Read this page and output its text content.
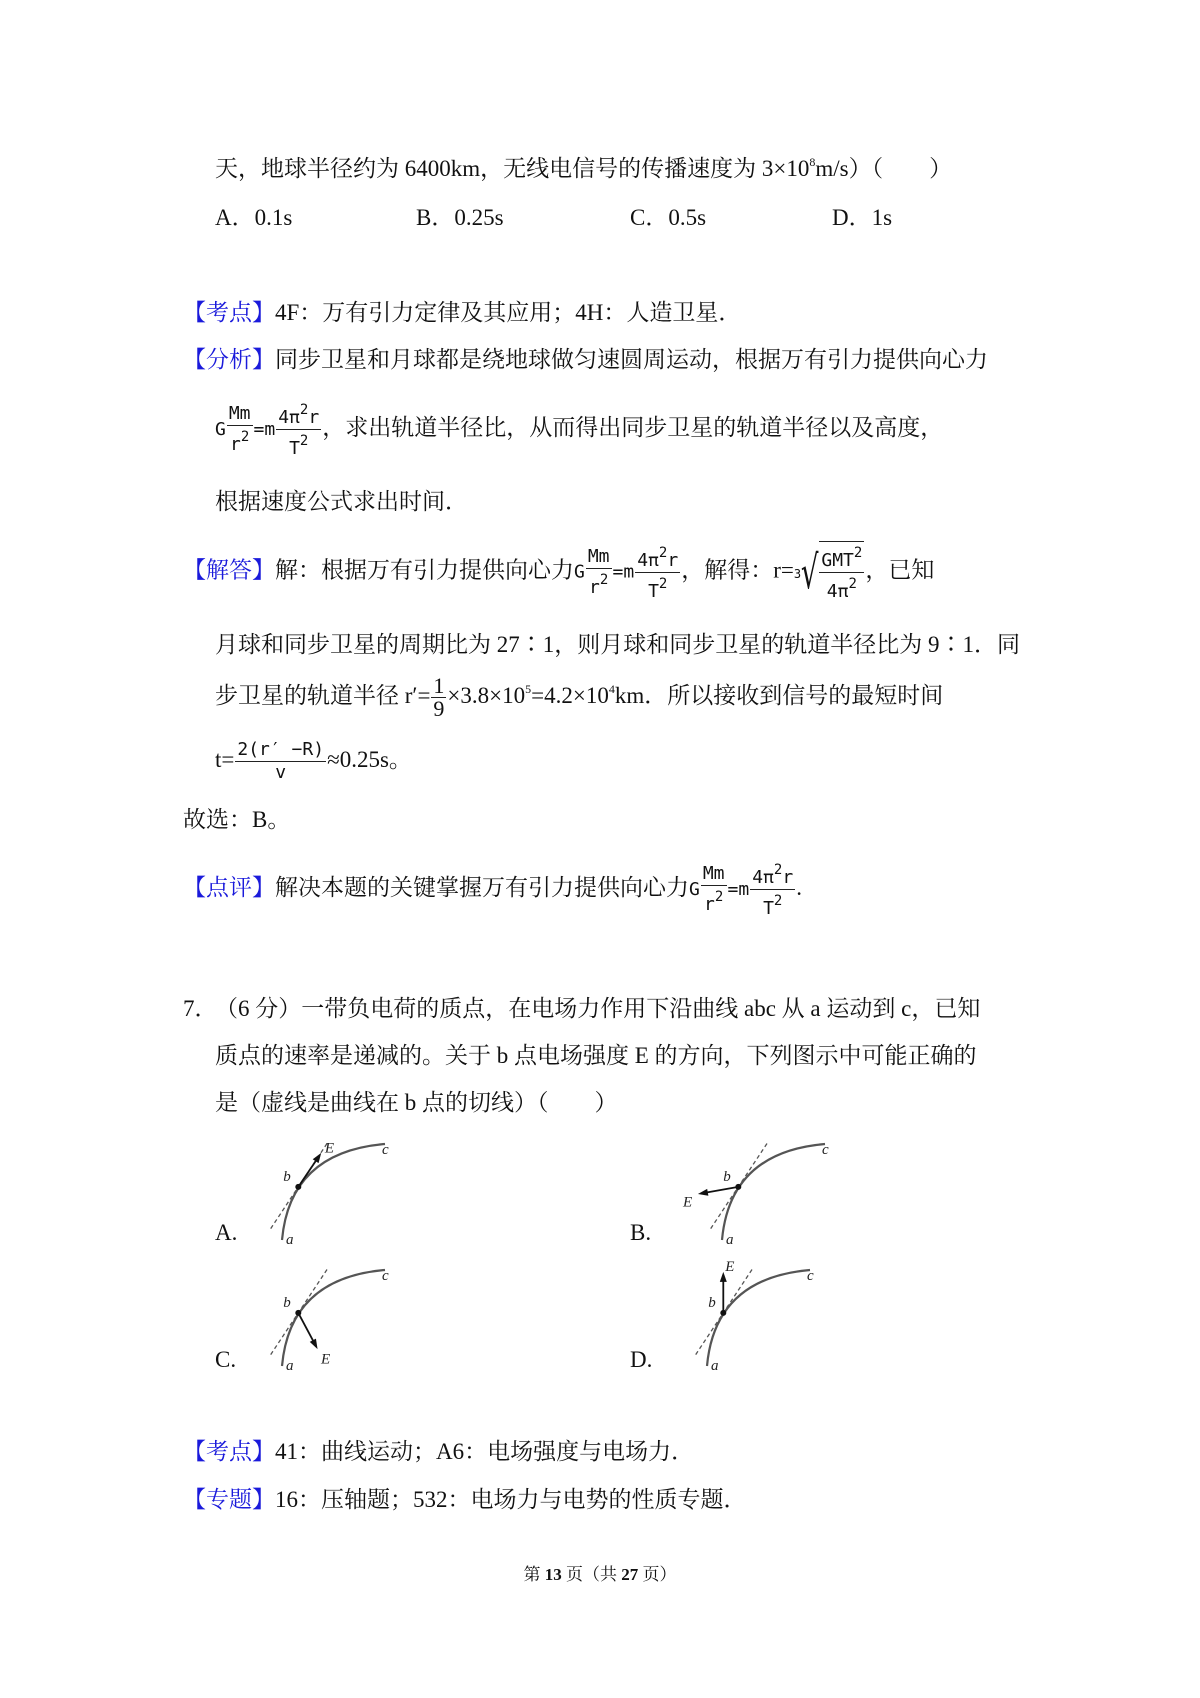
天，地球半径约为 6400km，无线电信号的传播速度为 $3\times 10^8m/s$）（　　）
A．0.1s	B．0.25s	C．0.5s	D．1s
【考点】4F：万有引力定律及其应用；4H：人造卫星．
【分析】同步卫星和月球都是绕地球做匀速圆周运动，根据万有引力提供向心力
G $\frac{Mm}{r^2} =m \frac{4\pi^2r}{T^2}$ ，求出轨道半径比，从而得出同步卫星的轨道半径以及高度，
根据速度公式求出时间．
【解答】解：根据万有引力提供向心力G $\frac{Mm}{r^2} =m \frac{4\pi^2r}{T^2}$ ，解得：r= 3 √ $\frac{GMT^2}{4\pi^2}$ ，已知
月球和同步卫星的周期比为 27∶1，则月球和同步卫星的轨道半径比为 9∶1．同
步卫星的轨道半径 $r'= \frac{1}{9} \times 3.8\times 10^5=4.2\times 10^4km$．所以接收到信号的最短时间
$t= \frac{2(r' -R)}{v} \approx 0.25s$。
故选：B。
【点评】解决本题的关键掌握万有引力提供向心力G $\frac{Mm}{r^2} =m \frac{4\pi^2r}{T^2}$ .
7．
（6 分）一带负电荷的质点，在电场力作用下沿曲线 abc 从 a 运动到 c，已知
质点的速率是递减的。关于 b 点电场强度 E 的方向，下列图示中可能正确的
是（虚线是曲线在 b 点的切线）（　　）
A.
E
b
c
a	B.
E
b
c
a
C.	E
b
c
a	D.
E
b
c
a
【考点】41：曲线运动；A6：电场强度与电场力．
【专题】16：压轴题；532：电场力与电势的性质专题．
第 13 页（共 27 页）
